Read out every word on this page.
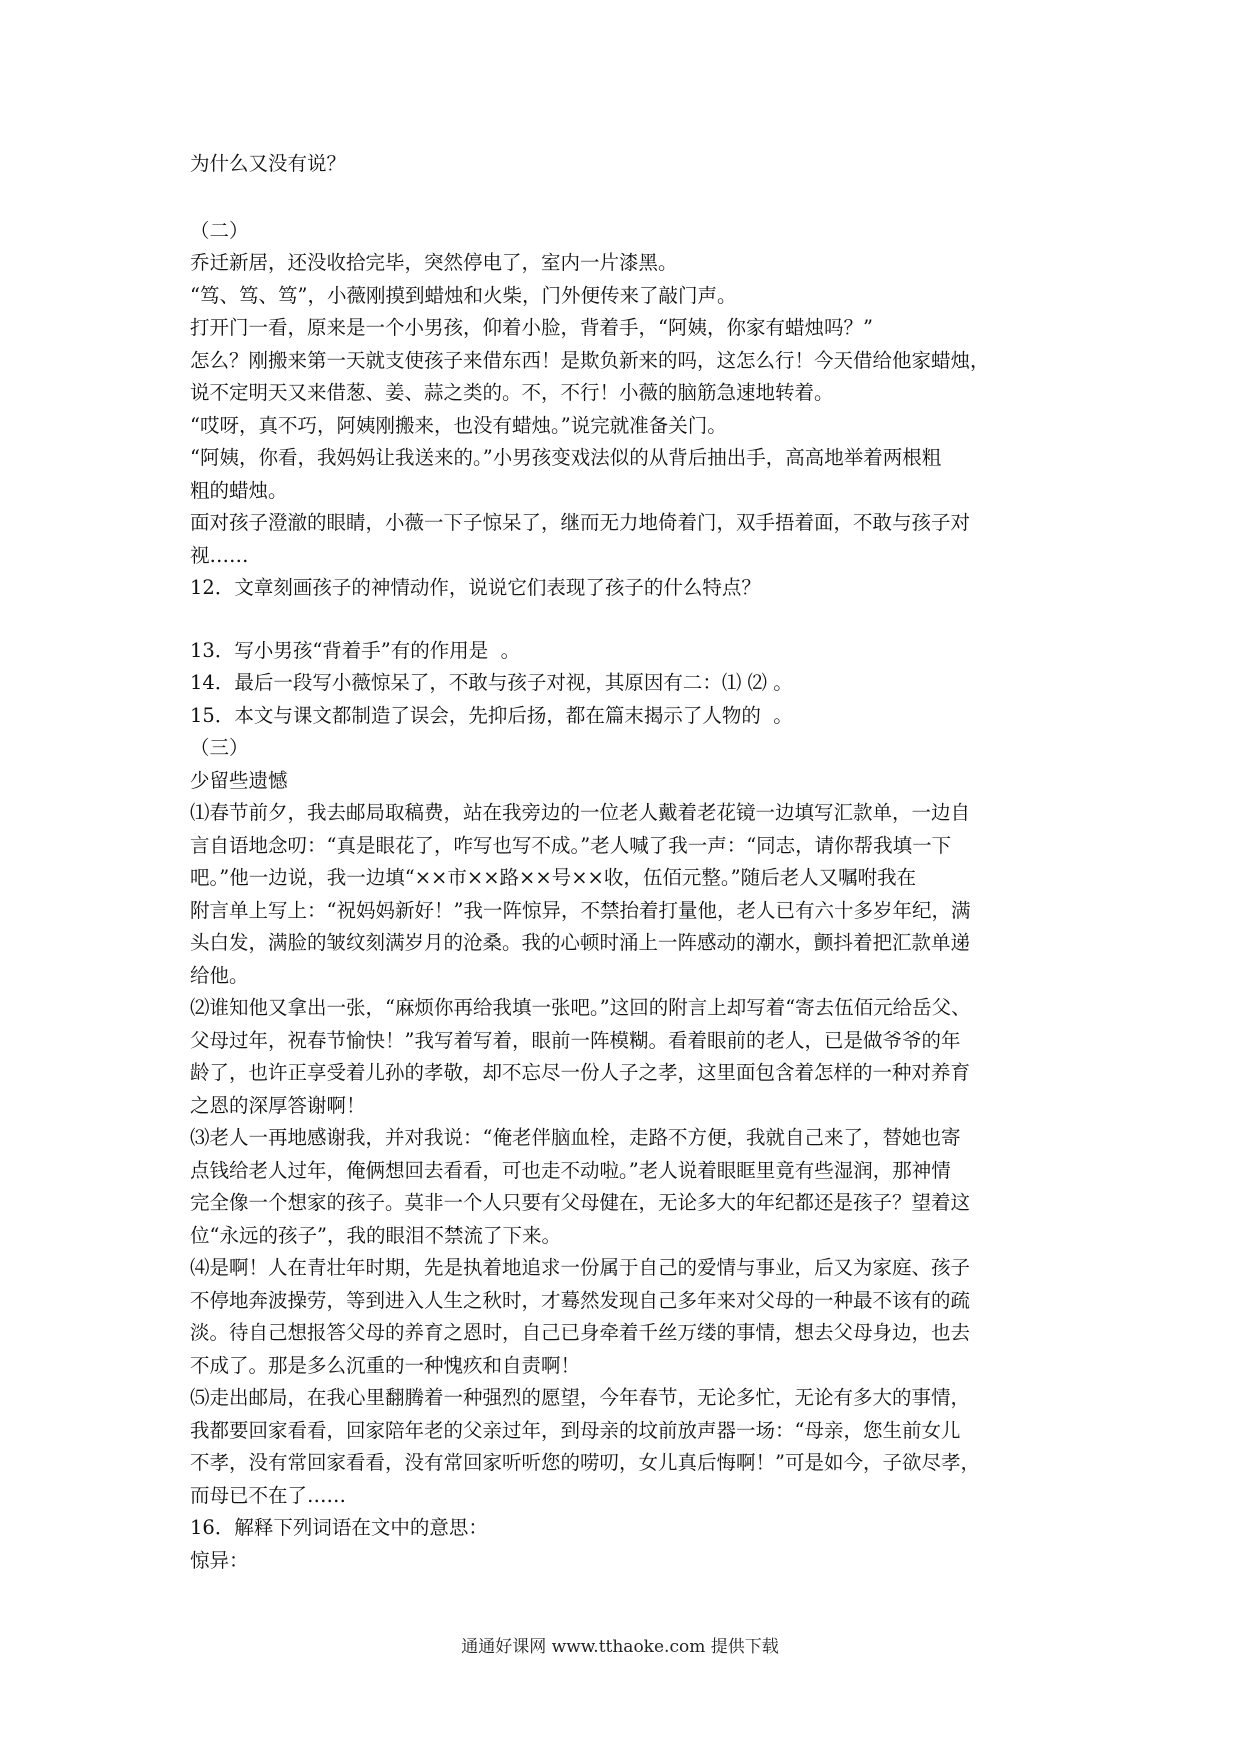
为什么又没有说？
（二）
乔迁新居，还没收拾完毕，突然停电了，室内一片漆黑。
“笃、笃、笃”，小薇刚摸到蜡烛和火柴，门外便传来了敲门声。
打开门一看，原来是一个小男孩，仰着小脸，背着手，“阿姨，你家有蜡烛吗？”
怎么？刚搬来第一天就支使孩子来借东西！是欺负新来的吗，这怎么行！今天借给他家蜡烛，
说不定明天又来借葱、姜、蒜之类的。不，不行！小薇的脑筋急速地转着。
“哎呀，真不巧，阿姨刚搬来，也没有蜡烛。”说完就准备关门。
“阿姨，你看，我妈妈让我送来的。”小男孩变戏法似的从背后抽出手，高高地举着两根粗
粗的蜡烛。
面对孩子澄澈的眼睛，小薇一下子惊呆了，继而无力地倚着门，双手捂着面，不敢与孩子对
视……
12．文章刻画孩子的神情动作，说说它们表现了孩子的什么特点？
13．写小男孩“背着手”有的作用是  。
14．最后一段写小薇惊呆了，不敢与孩子对视，其原因有二：⑴ ⑵ 。
15．本文与课文都制造了误会，先抑后扬，都在篇末揭示了人物的  。
（三）
少留些遗憾
⑴春节前夕，我去邮局取稿费，站在我旁边的一位老人戴着老花镜一边填写汇款单，一边自
言自语地念叨：“真是眼花了，咋写也写不成。”老人喊了我一声：“同志，请你帮我填一下
吧。”他一边说，我一边填“××市××路××号××收，伍佰元整。”随后老人又嘱咐我在
附言单上写上：“祝妈妈新好！”我一阵惊异，不禁抬着打量他，老人已有六十多岁年纪，满
头白发，满脸的皱纹刻满岁月的沧桑。我的心顿时涌上一阵感动的潮水，颤抖着把汇款单递
给他。
⑵谁知他又拿出一张，“麻烦你再给我填一张吧。”这回的附言上却写着“寄去伍佰元给岳父、
父母过年，祝春节愉快！”我写着写着，眼前一阵模糊。看着眼前的老人，已是做爷爷的年
龄了，也许正享受着儿孙的孝敬，却不忘尽一份人子之孝，这里面包含着怎样的一种对养育
之恩的深厚答谢啊！
⑶老人一再地感谢我，并对我说：“俺老伴脑血栓，走路不方便，我就自己来了，替她也寄
点钱给老人过年，俺俩想回去看看，可也走不动啦。”老人说着眼眶里竟有些湿润，那神情
完全像一个想家的孩子。莫非一个人只要有父母健在，无论多大的年纪都还是孩子？望着这
位“永远的孩子”，我的眼泪不禁流了下来。
⑷是啊！人在青壮年时期，先是执着地追求一份属于自己的爱情与事业，后又为家庭、孩子
不停地奔波操劳，等到进入人生之秋时，才蓦然发现自己多年来对父母的一种最不该有的疏
淡。待自己想报答父母的养育之恩时，自己已身牵着千丝万缕的事情，想去父母身边，也去
不成了。那是多么沉重的一种愧疚和自责啊！
⑸走出邮局，在我心里翻腾着一种强烈的愿望，今年春节，无论多忙，无论有多大的事情，
我都要回家看看，回家陪年老的父亲过年，到母亲的坟前放声器一场：“母亲，您生前女儿
不孝，没有常回家看看，没有常回家听听您的唠叨，女儿真后悔啊！”可是如今，子欲尽孝，
而母已不在了……
16．解释下列词语在文中的意思：
惊异：
通通好课网 www.tthaoke.com 提供下载
